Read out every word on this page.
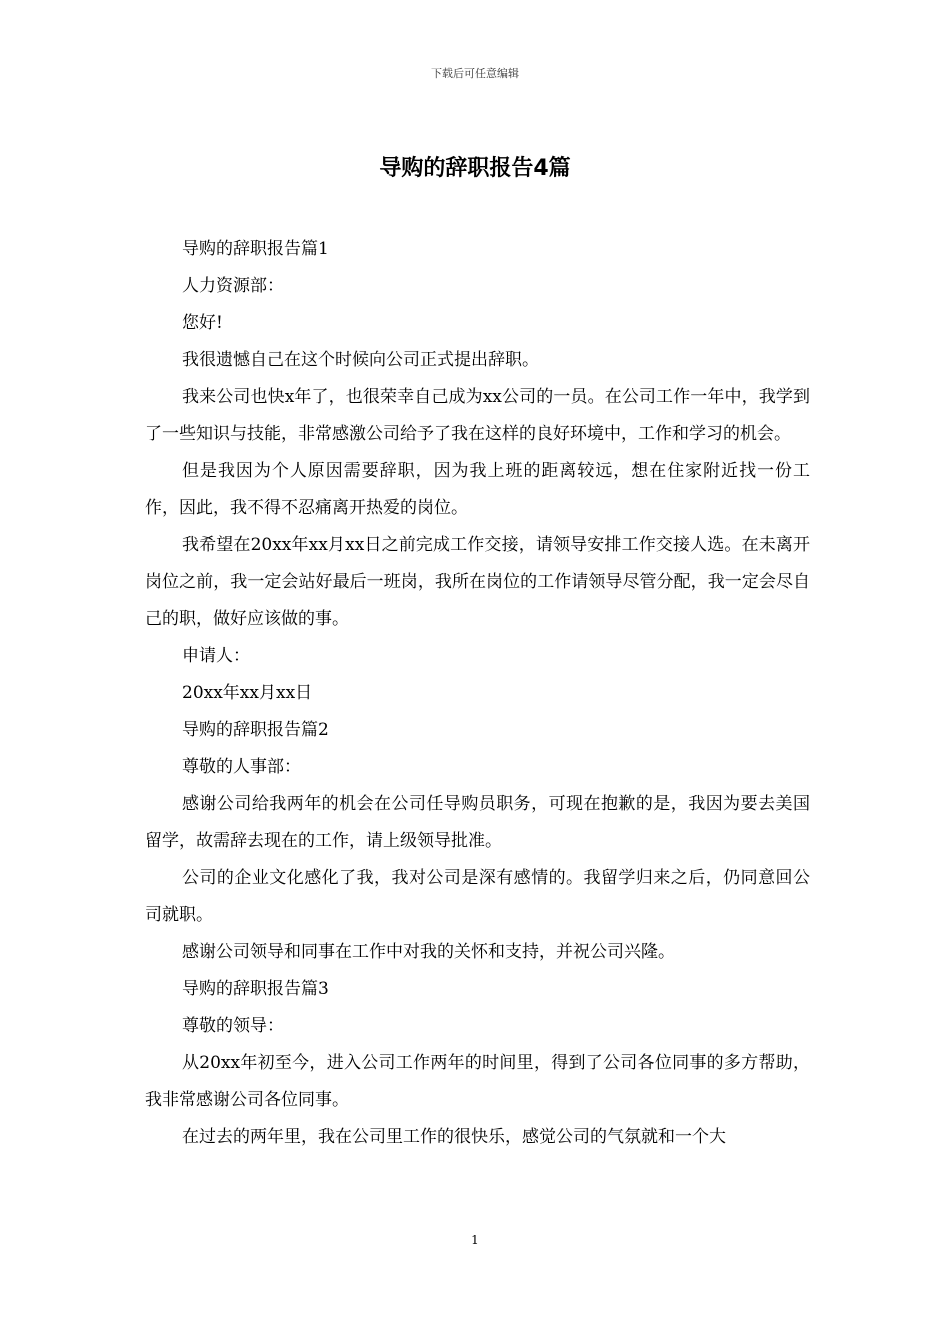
下载后可任意编辑
导购的辞职报告4篇

导购的辞职报告篇1

人力资源部：

您好!

我很遗憾自己在这个时候向公司正式提出辞职。

我来公司也快x年了，也很荣幸自己成为xx公司的一员。在公司工作一年中，我学到了一些知识与技能，非常感激公司给予了我在这样的良好环境中，工作和学习的机会。

但是我因为个人原因需要辞职，因为我上班的距离较远，想在住家附近找一份工作，因此，我不得不忍痛离开热爱的岗位。

我希望在20xx年xx月xx日之前完成工作交接，请领导安排工作交接人选。在未离开岗位之前，我一定会站好最后一班岗，我所在岗位的工作请领导尽管分配，我一定会尽自己的职，做好应该做的事。

申请人：

20xx年xx月xx日

导购的辞职报告篇2

尊敬的人事部：

感谢公司给我两年的机会在公司任导购员职务，可现在抱歉的是，我因为要去美国留学，故需辞去现在的工作，请上级领导批准。

公司的企业文化感化了我，我对公司是深有感情的。我留学归来之后，仍同意回公司就职。

感谢公司领导和同事在工作中对我的关怀和支持，并祝公司兴隆。

导购的辞职报告篇3

尊敬的领导：

从20xx年初至今，进入公司工作两年的时间里，得到了公司各位同事的多方帮助，我非常感谢公司各位同事。

在过去的两年里，我在公司里工作的很快乐，感觉公司的气氛就和一个大

1
